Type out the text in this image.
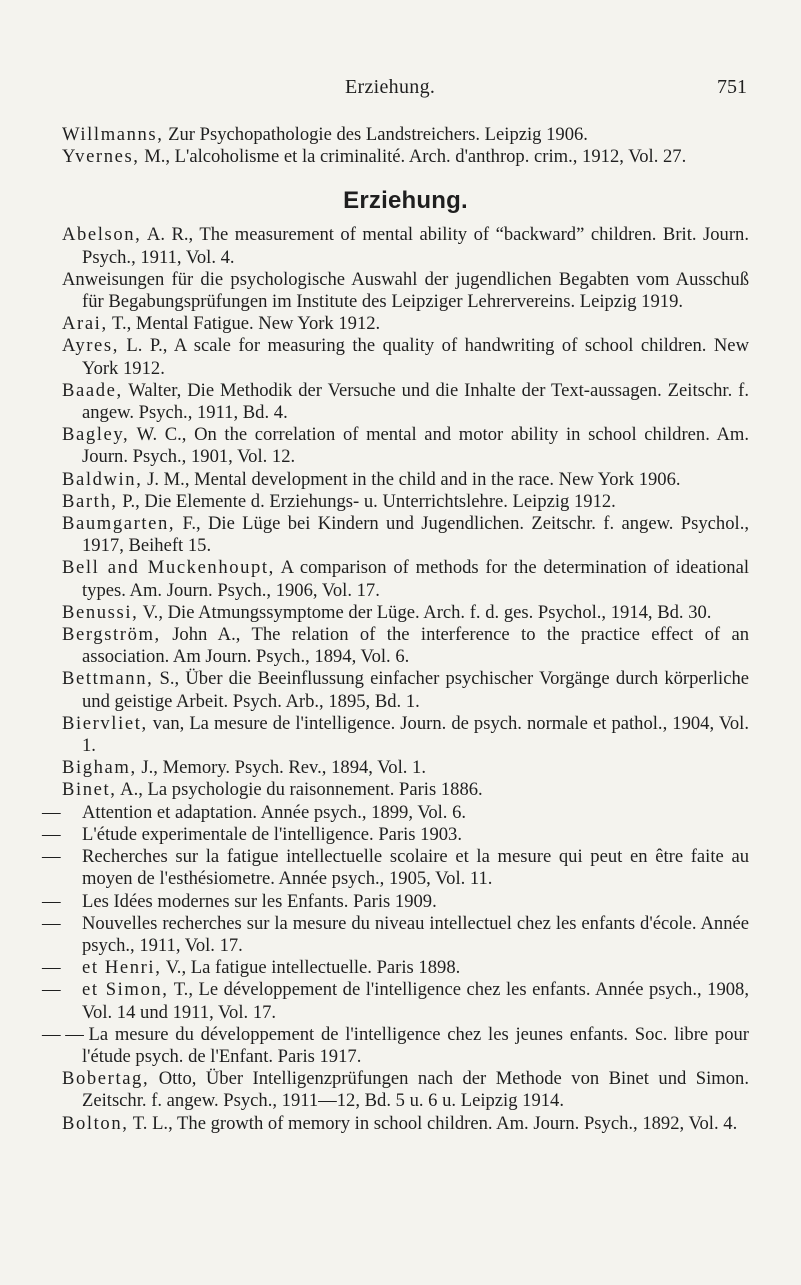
Erziehung.	751
Willmanns, Zur Psychopathologie des Landstreichers. Leipzig 1906.
Yvernes, M., L'alcoholisme et la criminalité. Arch. d'anthrop. crim., 1912, Vol. 27.
Erziehung.
Abelson, A. R., The measurement of mental ability of “backward” children. Brit. Journ. Psych., 1911, Vol. 4.
Anweisungen für die psychologische Auswahl der jugendlichen Begabten vom Ausschuß für Begabungsprüfungen im Institute des Leipziger Lehrervereins. Leipzig 1919.
Arai, T., Mental Fatigue. New York 1912.
Ayres, L. P., A scale for measuring the quality of handwriting of school children. New York 1912.
Baade, Walter, Die Methodik der Versuche und die Inhalte der Text-aussagen. Zeitschr. f. angew. Psych., 1911, Bd. 4.
Bagley, W. C., On the correlation of mental and motor ability in school children. Am. Journ. Psych., 1901, Vol. 12.
Baldwin, J. M., Mental development in the child and in the race. New York 1906.
Barth, P., Die Elemente d. Erziehungs- u. Unterrichtslehre. Leipzig 1912.
Baumgarten, F., Die Lüge bei Kindern und Jugendlichen. Zeitschr. f. angew. Psychol., 1917, Beiheft 15.
Bell and Muckenhoupt, A comparison of methods for the determination of ideational types. Am. Journ. Psych., 1906, Vol. 17.
Benussi, V., Die Atmungssymptome der Lüge. Arch. f. d. ges. Psychol., 1914, Bd. 30.
Bergström, John A., The relation of the interference to the practice effect of an association. Am Journ. Psych., 1894, Vol. 6.
Bettmann, S., Über die Beeinflussung einfacher psychischer Vorgänge durch körperliche und geistige Arbeit. Psych. Arb., 1895, Bd. 1.
Biervliet, van, La mesure de l'intelligence. Journ. de psych. normale et pathol., 1904, Vol. 1.
Bigham, J., Memory. Psych. Rev., 1894, Vol. 1.
Binet, A., La psychologie du raisonnement. Paris 1886.
— Attention et adaptation. Année psych., 1899, Vol. 6.
— L'étude experimentale de l'intelligence. Paris 1903.
— Recherches sur la fatigue intellectuelle scolaire et la mesure qui peut en être faite au moyen de l'esthésiometre. Année psych., 1905, Vol. 11.
— Les Idées modernes sur les Enfants. Paris 1909.
— Nouvelles recherches sur la mesure du niveau intellectuel chez les enfants d'école. Année psych., 1911, Vol. 17.
— et Henri, V., La fatigue intellectuelle. Paris 1898.
— et Simon, T., Le développement de l'intelligence chez les enfants. Année psych., 1908, Vol. 14 und 1911, Vol. 17.
— — La mesure du développement de l'intelligence chez les jeunes enfants. Soc. libre pour l'étude psych. de l'Enfant. Paris 1917.
Bobertag, Otto, Über Intelligenzprüfungen nach der Methode von Binet und Simon. Zeitschr. f. angew. Psych., 1911—12, Bd. 5 u. 6 u. Leipzig 1914.
Bolton, T. L., The growth of memory in school children. Am. Journ. Psych., 1892, Vol. 4.
